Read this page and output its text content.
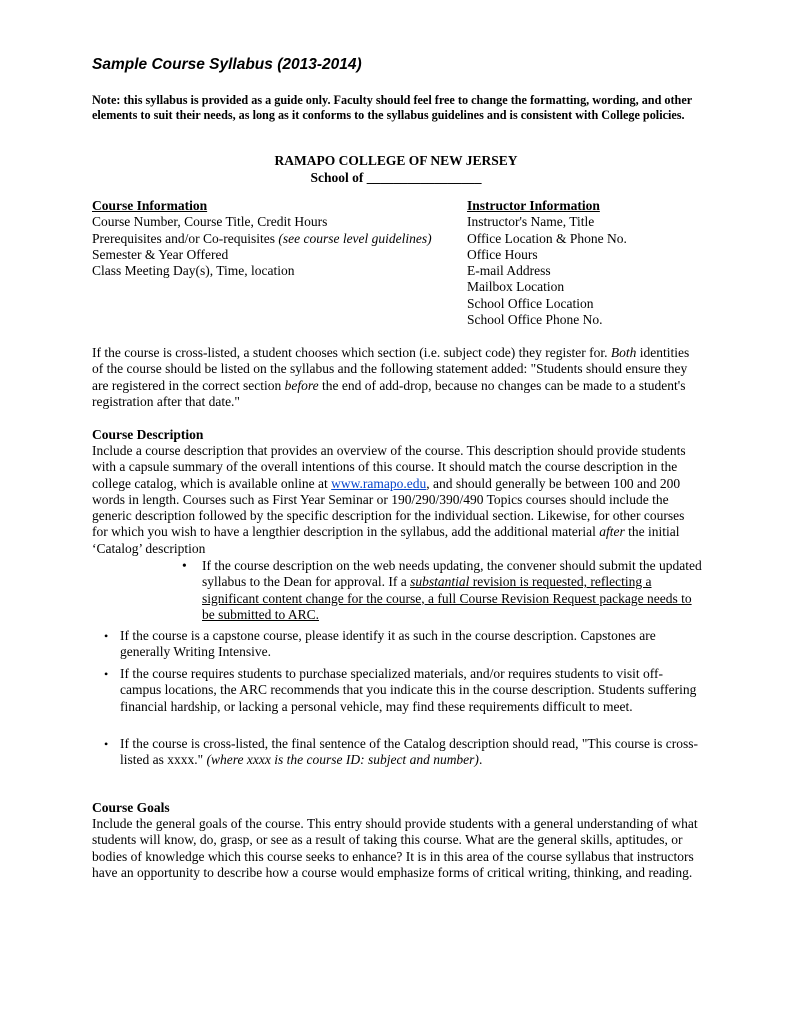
Sample Course Syllabus (2013-2014)
Note: this syllabus is provided as a guide only. Faculty should feel free to change the formatting, wording, and other elements to suit their needs, as long as it conforms to the syllabus guidelines and is consistent with College policies.
RAMAPO COLLEGE OF NEW JERSEY
School of _________________
Course Information
Course Number, Course Title, Credit Hours
Prerequisites and/or Co-requisites (see course level guidelines)
Semester & Year Offered
Class Meeting Day(s), Time, location
Instructor Information
Instructor's Name, Title
Office Location & Phone No.
Office Hours
E-mail Address
Mailbox Location
School Office Location
School Office Phone No.
If the course is cross-listed, a student chooses which section (i.e. subject code) they register for. Both identities of the course should be listed on the syllabus and the following statement added: "Students should ensure they are registered in the correct section before the end of add-drop, because no changes can be made to a student's registration after that date."
Course Description
Include a course description that provides an overview of the course. This description should provide students with a capsule summary of the overall intentions of this course. It should match the course description in the college catalog, which is available online at www.ramapo.edu, and should generally be between 100 and 200 words in length. Courses such as First Year Seminar or 190/290/390/490 Topics courses should include the generic description followed by the specific description for the individual section. Likewise, for other courses for which you wish to have a lengthier description in the syllabus, add the additional material after the initial ‘Catalog’ description
• If the course description on the web needs updating, the convener should submit the updated syllabus to the Dean for approval. If a substantial revision is requested, reflecting a significant content change for the course, a full Course Revision Request package needs to be submitted to ARC.
• If the course is a capstone course, please identify it as such in the course description. Capstones are generally Writing Intensive.
• If the course requires students to purchase specialized materials, and/or requires students to visit off-campus locations, the ARC recommends that you indicate this in the course description. Students suffering financial hardship, or lacking a personal vehicle, may find these requirements difficult to meet.
• If the course is cross-listed, the final sentence of the Catalog description should read, "This course is cross-listed as xxxx." (where xxxx is the course ID: subject and number).
Course Goals
Include the general goals of the course. This entry should provide students with a general understanding of what students will know, do, grasp, or see as a result of taking this course. What are the general skills, aptitudes, or bodies of knowledge which this course seeks to enhance? It is in this area of the course syllabus that instructors have an opportunity to describe how a course would emphasize forms of critical writing, thinking, and reading.
